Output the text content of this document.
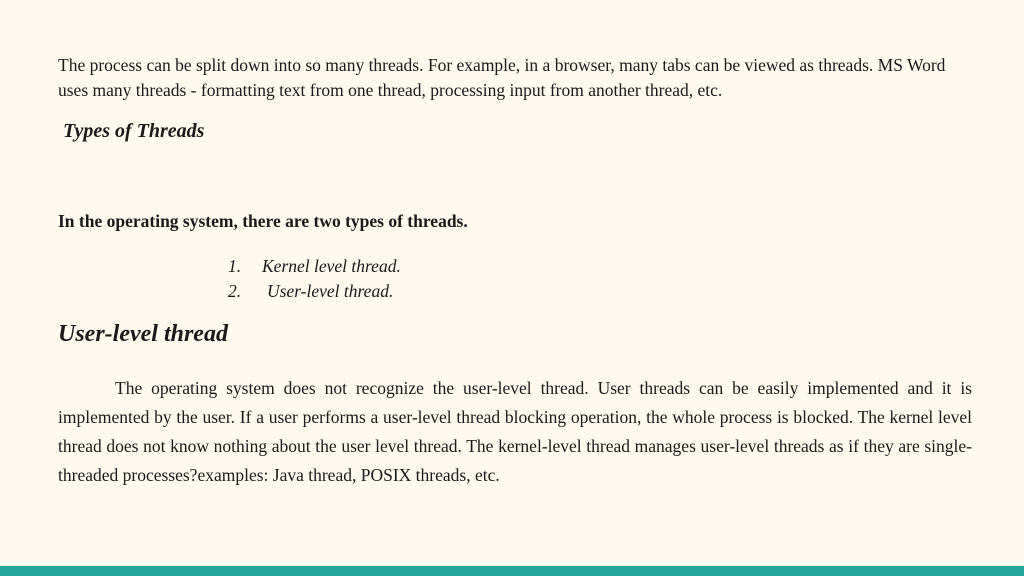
The process can be split down into so many threads. For example, in a browser, many tabs can be viewed as threads. MS Word uses many threads - formatting text from one thread, processing input from another thread, etc.

Types of Threads

In the operating system, there are two types of threads.

1.	Kernel level thread.
2.	User-level thread.
User-level thread

The operating system does not recognize the user-level thread. User threads can be easily implemented and it is implemented by the user. If a user performs a user-level thread blocking operation, the whole process is blocked. The kernel level thread does not know nothing about the user level thread. The kernel-level thread manages user-level threads as if they are single-threaded processes?examples: Java thread, POSIX threads, etc.
